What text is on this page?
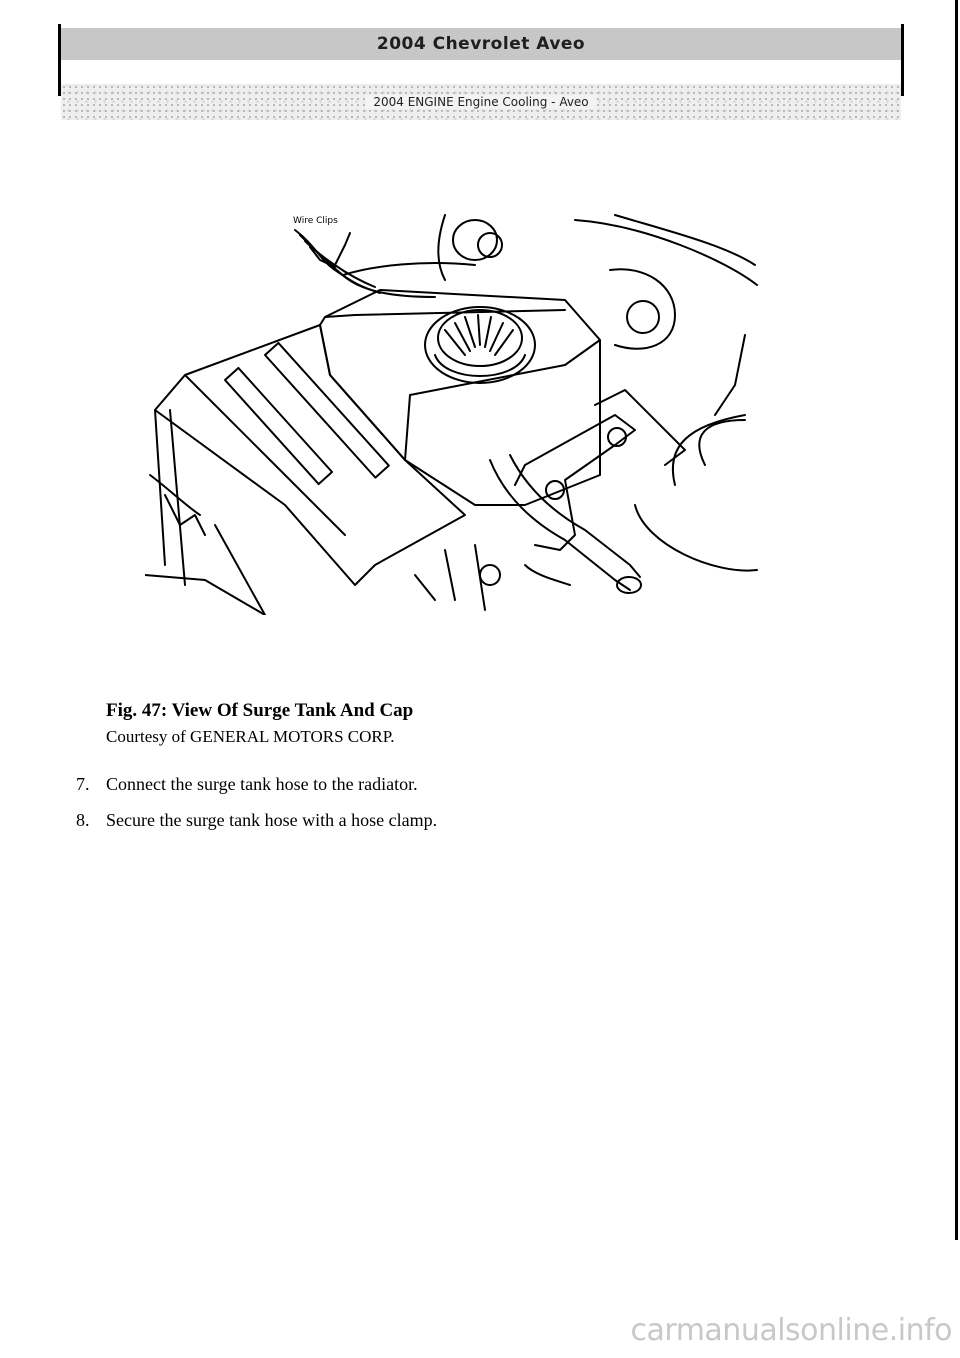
2004 Chevrolet Aveo
2004 ENGINE Engine Cooling - Aveo
Wire Clips
Fig. 47: View Of Surge Tank And Cap
Courtesy of GENERAL MOTORS CORP.
7. Connect the surge tank hose to the radiator.
8. Secure the surge tank hose with a hose clamp.
carmanualsonline.info
